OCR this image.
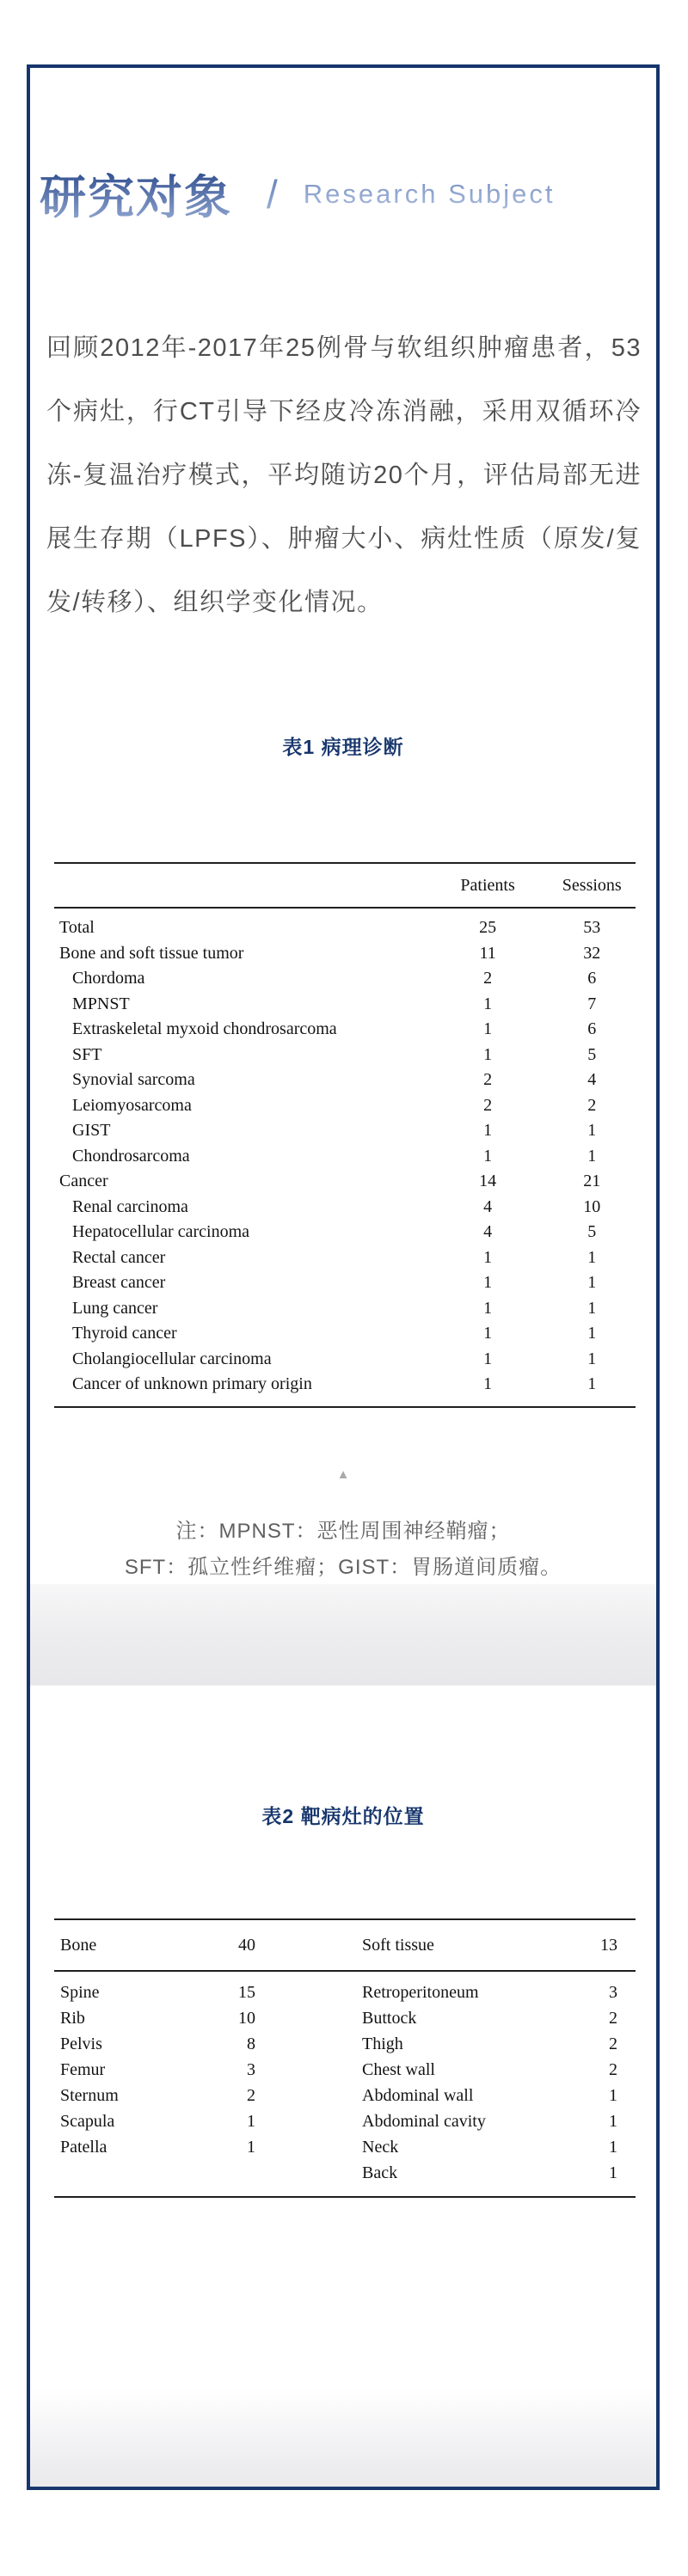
研究对象 / Research Subject

回顾2012年-2017年25例骨与软组织肿瘤患者，53个病灶，行CT引导下经皮冷冻消融，采用双循环冷冻-复温治疗模式，平均随访20个月，评估局部无进展生存期（LPFS）、肿瘤大小、病灶性质（原发/复发/转移）、组织学变化情况。

表1 病理诊断
	Patients	Sessions
Total	25	53
Bone and soft tissue tumor	11	32
Chordoma	2	6
MPNST	1	7
Extraskeletal myxoid chondrosarcoma	1	6
SFT	1	5
Synovial sarcoma	2	4
Leiomyosarcoma	2	2
GIST	1	1
Chondrosarcoma	1	1
Cancer	14	21
Renal carcinoma	4	10
Hepatocellular carcinoma	4	5
Rectal cancer	1	1
Breast cancer	1	1
Lung cancer	1	1
Thyroid cancer	1	1
Cholangiocellular carcinoma	1	1
Cancer of unknown primary origin	1	1
▲
注：MPNST：恶性周围神经鞘瘤；
SFT：孤立性纤维瘤；GIST：胃肠道间质瘤。
表2 靶病灶的位置
Bone	40	Soft tissue	13
Spine	15	Retroperitoneum	3
Rib	10	Buttock	2
Pelvis	8	Thigh	2
Femur	3	Chest wall	2
Sternum	2	Abdominal wall	1
Scapula	1	Abdominal cavity	1
Patella	1	Neck	1
		Back	1
